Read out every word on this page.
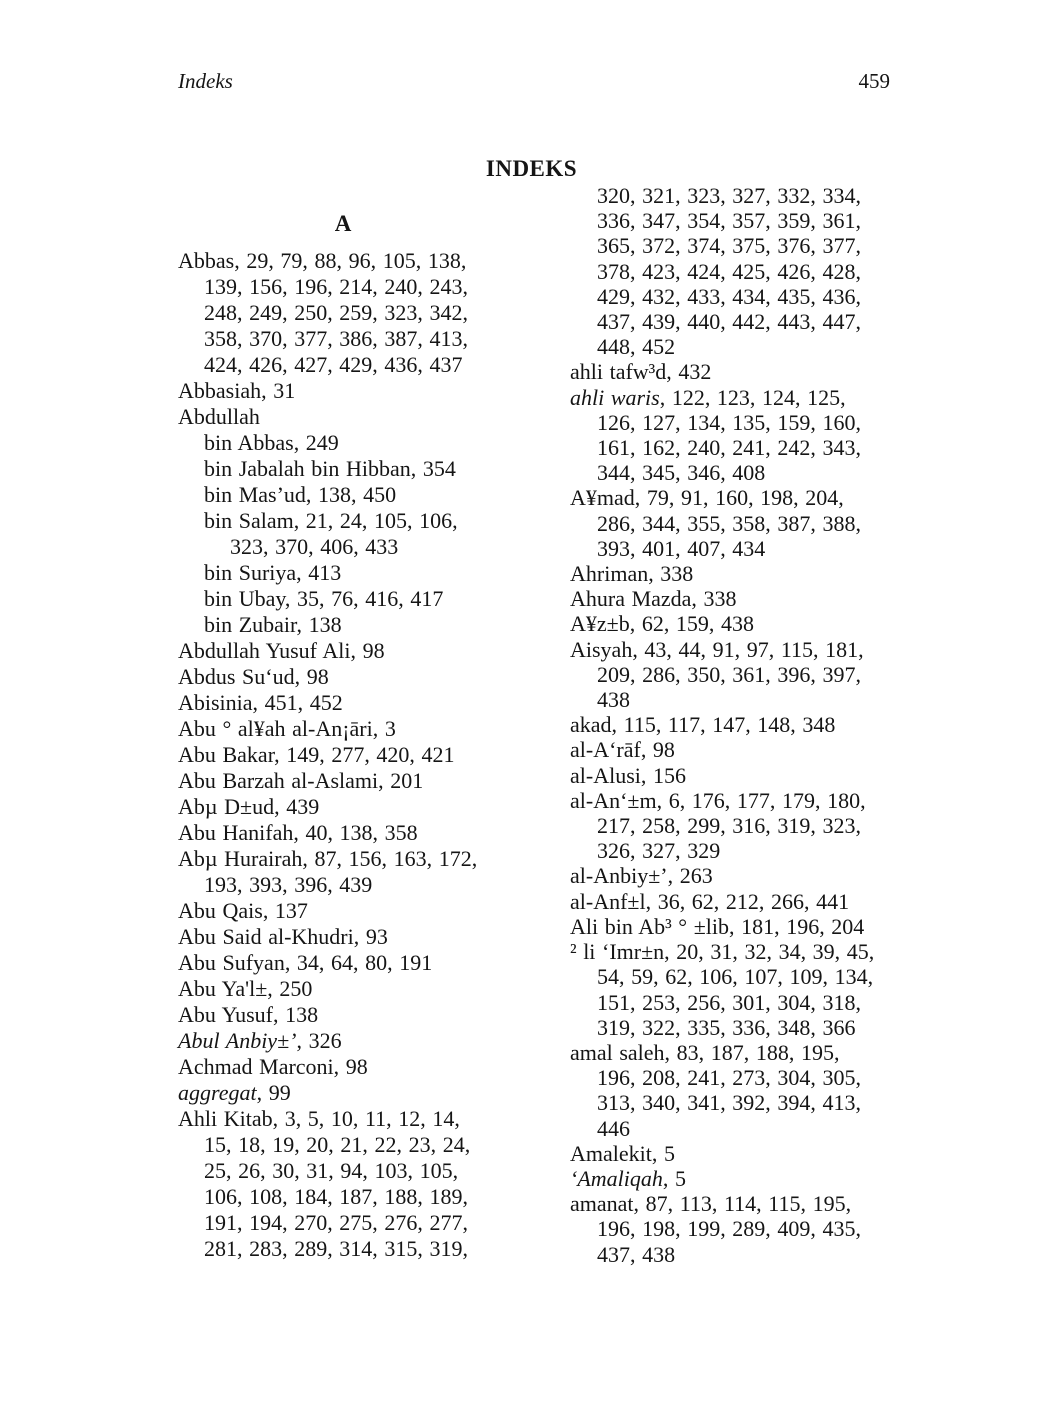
Indeks	459
INDEKS
A
Abbas, 29, 79, 88, 96, 105, 138,
139, 156, 196, 214, 240, 243,
248, 249, 250, 259, 323, 342,
358, 370, 377, 386, 387, 413,
424, 426, 427, 429, 436, 437
Abbasiah, 31
Abdullah
bin Abbas, 249
bin Jabalah bin Hibban, 354
bin Mas’ud, 138, 450
bin Salam, 21, 24, 105, 106,
323, 370, 406, 433
bin Suriya, 413
bin Ubay, 35, 76, 416, 417
bin Zubair, 138
Abdullah Yusuf Ali, 98
Abdus Su‘ud, 98
Abisinia, 451, 452
Abu ° al¥ah al-An¡āri, 3
Abu Bakar, 149, 277, 420, 421
Abu Barzah al-Aslami, 201
Abµ D±ud, 439
Abu Hanifah, 40, 138, 358
Abµ Hurairah, 87, 156, 163, 172,
193, 393, 396, 439
Abu Qais, 137
Abu Said al-Khudri, 93
Abu Sufyan, 34, 64, 80, 191
Abu Ya'l±, 250
Abu Yusuf, 138
Abul Anbiy±’, 326
Achmad Marconi, 98
aggregat, 99
Ahli Kitab, 3, 5, 10, 11, 12, 14,
15, 18, 19, 20, 21, 22, 23, 24,
25, 26, 30, 31, 94, 103, 105,
106, 108, 184, 187, 188, 189,
191, 194, 270, 275, 276, 277,
281, 283, 289, 314, 315, 319,
320, 321, 323, 327, 332, 334,
336, 347, 354, 357, 359, 361,
365, 372, 374, 375, 376, 377,
378, 423, 424, 425, 426, 428,
429, 432, 433, 434, 435, 436,
437, 439, 440, 442, 443, 447,
448, 452
ahli tafw³d, 432
ahli waris, 122, 123, 124, 125,
126, 127, 134, 135, 159, 160,
161, 162, 240, 241, 242, 343,
344, 345, 346, 408
A¥mad, 79, 91, 160, 198, 204,
286, 344, 355, 358, 387, 388,
393, 401, 407, 434
Ahriman, 338
Ahura Mazda, 338
A¥z±b, 62, 159, 438
Aisyah, 43, 44, 91, 97, 115, 181,
209, 286, 350, 361, 396, 397,
438
akad, 115, 117, 147, 148, 348
al-A‘rāf, 98
al-Alusi, 156
al-An‘±m, 6, 176, 177, 179, 180,
217, 258, 299, 316, 319, 323,
326, 327, 329
al-Anbiy±’, 263
al-Anf±l, 36, 62, 212, 266, 441
Ali bin Ab³ ° ±lib, 181, 196, 204
² li ‘Imr±n, 20, 31, 32, 34, 39, 45,
54, 59, 62, 106, 107, 109, 134,
151, 253, 256, 301, 304, 318,
319, 322, 335, 336, 348, 366
amal saleh, 83, 187, 188, 195,
196, 208, 241, 273, 304, 305,
313, 340, 341, 392, 394, 413,
446
Amalekit, 5
‘Amaliqah, 5
amanat, 87, 113, 114, 115, 195,
196, 198, 199, 289, 409, 435,
437, 438
